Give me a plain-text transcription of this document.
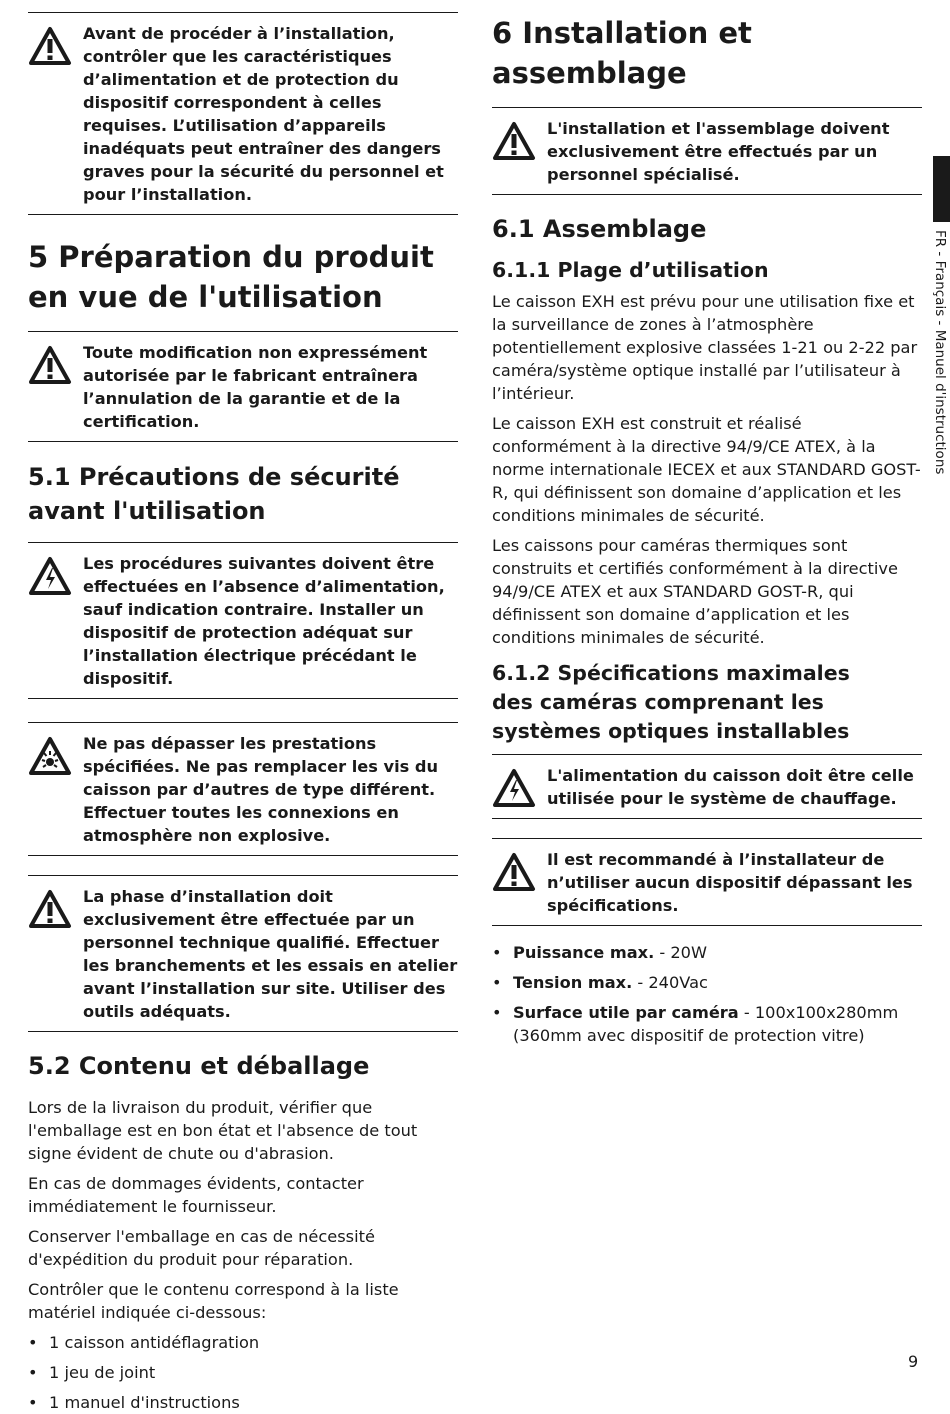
Avant de procéder à l’installation, contrôler que les caractéristiques d’alimentation et de protection du dispositif correspondent à celles requises. L’utilisation d’appareils inadéquats peut entraîner des dangers graves pour la sécurité du personnel et pour l’installation.
5 Préparation du produit
en vue de l'utilisation
Toute modification non expressément autorisée par le fabricant entraînera l’annulation de la garantie et de la certification.
5.1 Précautions de sécurité
avant l'utilisation
Les procédures suivantes doivent être effectuées en l’absence d’alimentation, sauf indication contraire. Installer un dispositif de protection adéquat sur l’installation électrique précédant le dispositif.
Ne pas dépasser les prestations spécifiées. Ne pas remplacer les vis du caisson par d’autres de type différent. Effectuer toutes les connexions en atmosphère non explosive.
La phase d’installation doit exclusivement être effectuée par un personnel technique qualifié. Effectuer les branchements et les essais en atelier avant l’installation sur site. Utiliser des outils adéquats.
5.2 Contenu et déballage

Lors de la livraison du produit, vérifier que l'emballage est en bon état et l'absence de tout signe évident de chute ou d'abrasion.

En cas de dommages évidents, contacter immédiatement le fournisseur.

Conserver l'emballage en cas de nécessité d'expédition du produit pour réparation.

Contrôler que le contenu correspond à la liste matériel indiquée ci-dessous:

• 1 caisson antidéflagration
• 1 jeu de joint
• 1 manuel d'instructions
6 Installation et
assemblage
L'installation et l'assemblage doivent exclusivement être effectués par un personnel spécialisé.
6.1 Assemblage
6.1.1 Plage d’utilisation

Le caisson EXH est prévu pour une utilisation fixe et la surveillance de zones à l’atmosphère potentiellement explosive classées 1-21 ou 2-22 par caméra/système optique installé par l’utilisateur à l’intérieur.

Le caisson EXH est construit et réalisé conformément à la directive 94/9/CE ATEX, à la norme internationale IECEX et aux STANDARD GOST-R, qui définissent son domaine d’application et les conditions minimales de sécurité.

Les caissons pour caméras thermiques sont construits et certifiés conformément à la directive 94/9/CE ATEX et aux STANDARD GOST-R, qui définissent son domaine d’application et les conditions minimales de sécurité.

6.1.2 Spécifications maximales
des caméras comprenant les
systèmes optiques installables
L'alimentation du caisson doit être celle utilisée pour le système de chauffage.
Il est recommandé à l’installateur de n’utiliser aucun dispositif dépassant les spécifications.
• Puissance max. - 20W
• Tension max. - 240Vac
• Surface utile par caméra - 100x100x280mm (360mm avec dispositif de protection vitre)
FR - Français - Manuel d'instructions
9
